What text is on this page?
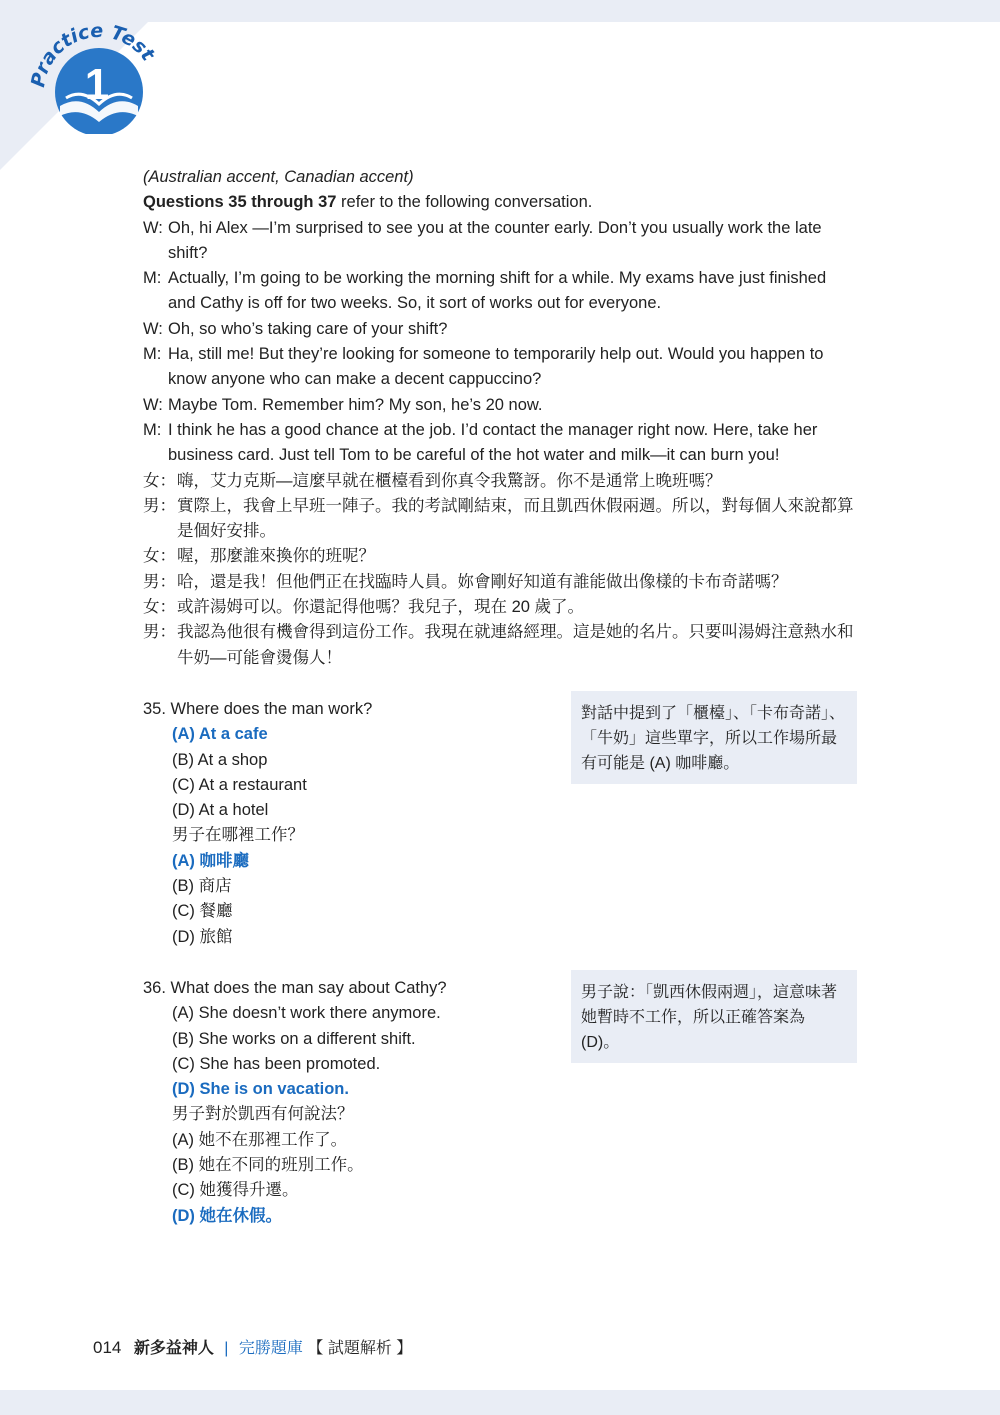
Practice Test
1
(Australian accent, Canadian accent)
Questions 35 through 37 refer to the following conversation.
W: Oh, hi Alex —I’m surprised to see you at the counter early. Don’t you usually work the late shift?
M: Actually, I’m going to be working the morning shift for a while. My exams have just finished and Cathy is off for two weeks. So, it sort of works out for everyone.
W: Oh, so who’s taking care of your shift?
M: Ha, still me! But they’re looking for someone to temporarily help out. Would you happen to know anyone who can make a decent cappuccino?
W: Maybe Tom. Remember him? My son, he’s 20 now.
M: I think he has a good chance at the job. I’d contact the manager right now. Here, take her business card. Just tell Tom to be careful of the hot water and milk—it can burn you!
女： 嗨，艾力克斯—這麼早就在櫃檯看到你真令我驚訝。你不是通常上晚班嗎？
男： 實際上，我會上早班一陣子。我的考試剛結束，而且凱西休假兩週。所以，對每個人來說都算是個好安排。
女： 喔，那麼誰來換你的班呢？
男： 哈，還是我！但他們正在找臨時人員。妳會剛好知道有誰能做出像樣的卡布奇諾嗎？
女： 或許湯姆可以。你還記得他嗎？我兒子，現在 20 歲了。
男： 我認為他很有機會得到這份工作。我現在就連絡經理。這是她的名片。只要叫湯姆注意熱水和牛奶—可能會燙傷人！
35. Where does the man work?
(A) At a cafe
(B) At a shop
(C) At a restaurant
(D) At a hotel
男子在哪裡工作？
(A) 咖啡廳
(B) 商店
(C) 餐廳
(D) 旅館
對話中提到了「櫃檯」、「卡布奇諾」、「牛奶」這些單字，所以工作場所最有可能是 (A) 咖啡廳。
36. What does the man say about Cathy?
(A) She doesn’t work there anymore.
(B) She works on a different shift.
(C) She has been promoted.
(D) She is on vacation.
男子對於凱西有何說法？
(A) 她不在那裡工作了。
(B) 她在不同的班別工作。
(C) 她獲得升遷。
(D) 她在休假。
男子說：「凱西休假兩週」，這意味著她暫時不工作，所以正確答案為 (D)。
014 新多益神人 | 完勝題庫 【 試題解析 】
